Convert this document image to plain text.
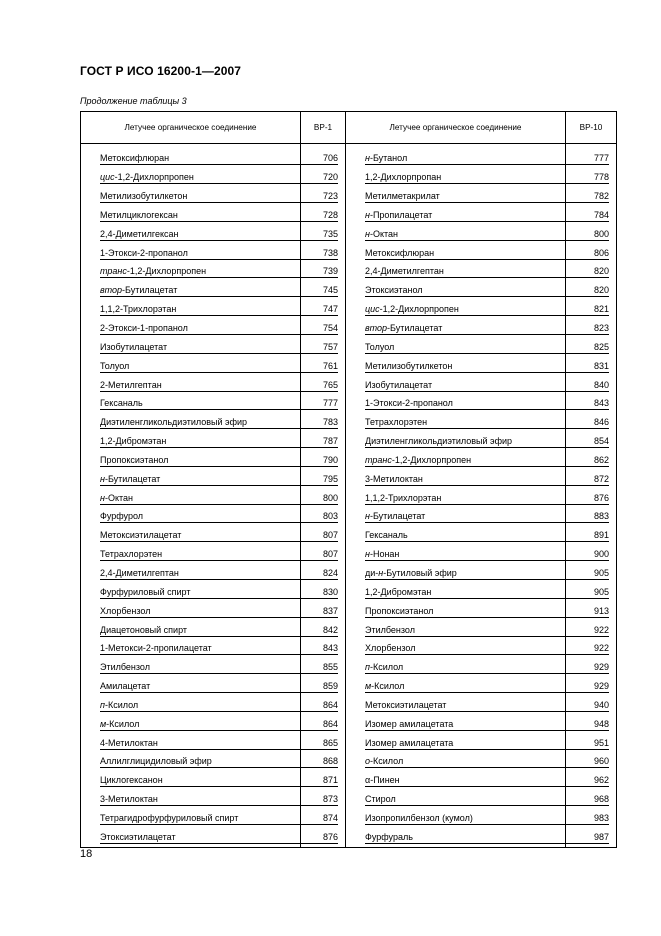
ГОСТ Р ИСО 16200-1—2007
Продолжение таблицы 3
Летучее органическое соединение	ВР-1	Летучее органическое соединение	ВР-10

Метоксифлюран	706	н-Бутанол	777

цис-1,2-Дихлорпропен	720	1,2-Дихлорпропан	778

Метилизобутилкетон	723	Метилметакрилат	782

Метилциклогексан	728	н-Пропилацетат	784

2,4-Диметилгексан	735	н-Октан	800

1-Этокси-2-пропанол	738	Метоксифлюран	806

транс-1,2-Дихлорпропен	739	2,4-Диметилгептан	820

втор-Бутилацетат	745	Этоксиэтанол	820

1,1,2-Трихлорэтан	747	цис-1,2-Дихлорпропен	821

2-Этокси-1-пропанол	754	втор-Бутилацетат	823

Изобутилацетат	757	Толуол	825

Толуол	761	Метилизобутилкетон	831

2-Метилгептан	765	Изобутилацетат	840

Гексаналь	777	1-Этокси-2-пропанол	843

Диэтиленгликольдиэтиловый эфир	783	Тетрахлорэтен	846

1,2-Дибромэтан	787	Диэтиленгликольдиэтиловый эфир	854

Пропоксиэтанол	790	транс-1,2-Дихлорпропен	862

н-Бутилацетат	795	3-Метилоктан	872

н-Октан	800	1,1,2-Трихлорэтан	876

Фурфурол	803	н-Бутилацетат	883

Метоксиэтилацетат	807	Гексаналь	891

Тетрахлорэтен	807	н-Нонан	900

2,4-Диметилгептан	824	ди-н-Бутиловый эфир	905

Фурфуриловый спирт	830	1,2-Дибромэтан	905

Хлорбензол	837	Пропоксиэтанол	913

Диацетоновый спирт	842	Этилбензол	922

1-Метокси-2-пропилацетат	843	Хлорбензол	922

Этилбензол	855	п-Ксилол	929

Амилацетат	859	м-Ксилол	929

п-Ксилол	864	Метоксиэтилацетат	940

м-Ксилол	864	Изомер амилацетата	948

4-Метилоктан	865	Изомер амилацетата	951

Аллилглицидиловый эфир	868	о-Ксилол	960

Циклогексанон	871	α-Пинен	962

3-Метилоктан	873	Стирол	968

Тетрагидрофурфуриловый спирт	874	Изопропилбензол (кумол)	983

Этоксиэтилацетат	876	Фурфураль	987
18
